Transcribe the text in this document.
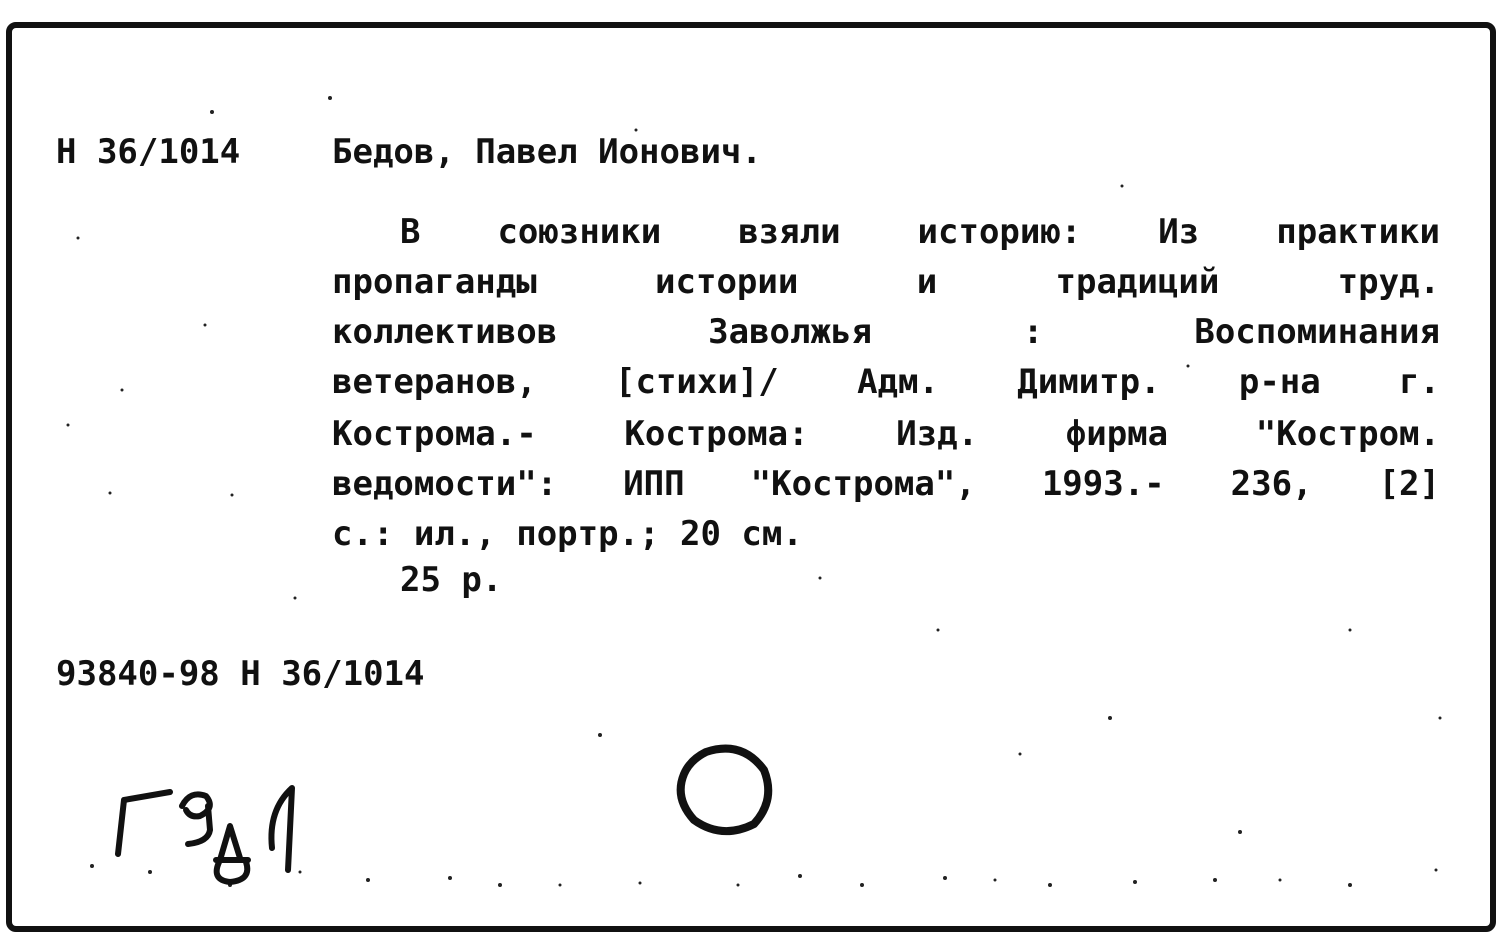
Н 36/1014	Бедов, Павел Ионович.
В союзники взяли историю: Из практики
пропаганды истории и традиций труд.
коллективов Заволжья : Воспоминания
ветеранов, [стихи]/ Адм. Димитр. р-на г.
Кострома.- Кострома: Изд. фирма "Костром.
ведомости": ИПП "Кострома", 1993.- 236, [2]
с.: ил., портр.; 20 см.
25 р.
93840-98 Н 36/1014
